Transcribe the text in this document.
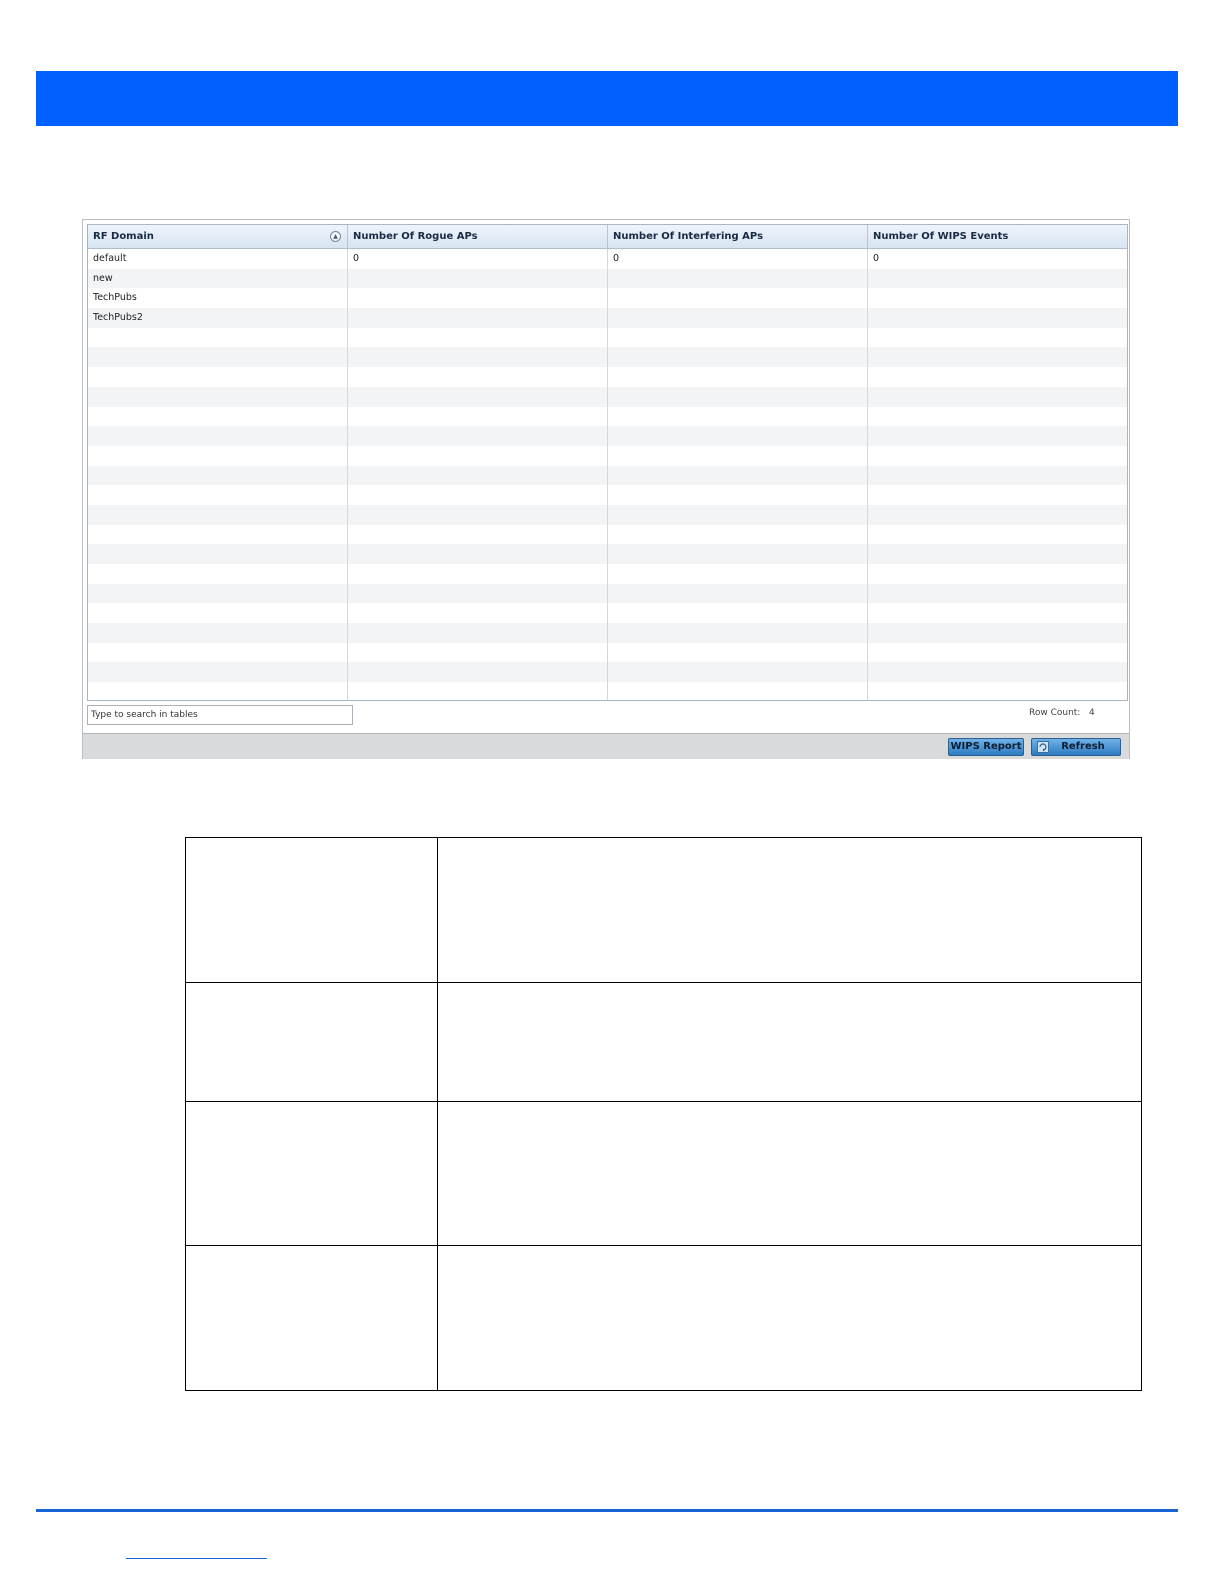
RF Domain	▲	Number Of Rogue APs	Number Of Interfering APs	Number Of WIPS Events
default	0	0	0
new
TechPubs
TechPubs2
Type to search in tables	Row Count: 4
WIPS Report	Refresh
